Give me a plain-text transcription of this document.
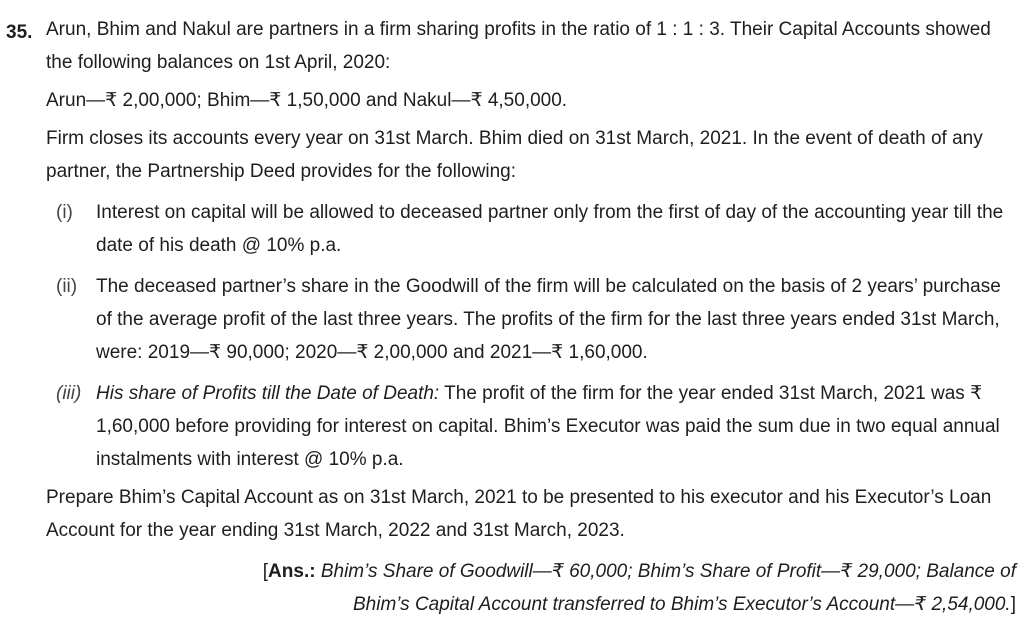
35. Arun, Bhim and Nakul are partners in a firm sharing profits in the ratio of 1 : 1 : 3. Their Capital Accounts showed the following balances on 1st April, 2020:

Arun—₹ 2,00,000; Bhim—₹ 1,50,000 and Nakul—₹ 4,50,000.

Firm closes its accounts every year on 31st March. Bhim died on 31st March, 2021. In the event of death of any partner, the Partnership Deed provides for the following:

(i)	Interest on capital will be allowed to deceased partner only from the first of day of the accounting year till the date of his death @ 10% p.a.
(ii) The deceased partner’s share in the Goodwill of the firm will be calculated on the basis of 2 years’ purchase of the average profit of the last three years. The profits of the firm for the last three years ended 31st March, were: 2019—₹ 90,000; 2020—₹ 2,00,000 and 2021—₹ 1,60,000.
(iii) His share of Profits till the Date of Death: The profit of the firm for the year ended 31st March, 2021 was ₹ 1,60,000 before providing for interest on capital. Bhim’s Executor was paid the sum due in two equal annual instalments with interest @ 10% p.a.

Prepare Bhim’s Capital Account as on 31st March, 2021 to be presented to his executor and his Executor’s Loan Account for the year ending 31st March, 2022 and 31st March, 2023.

[Ans.: Bhim’s Share of Goodwill—₹ 60,000; Bhim’s Share of Profit—₹ 29,000; Balance of Bhim’s Capital Account transferred to Bhim’s Executor’s Account—₹ 2,54,000.]
